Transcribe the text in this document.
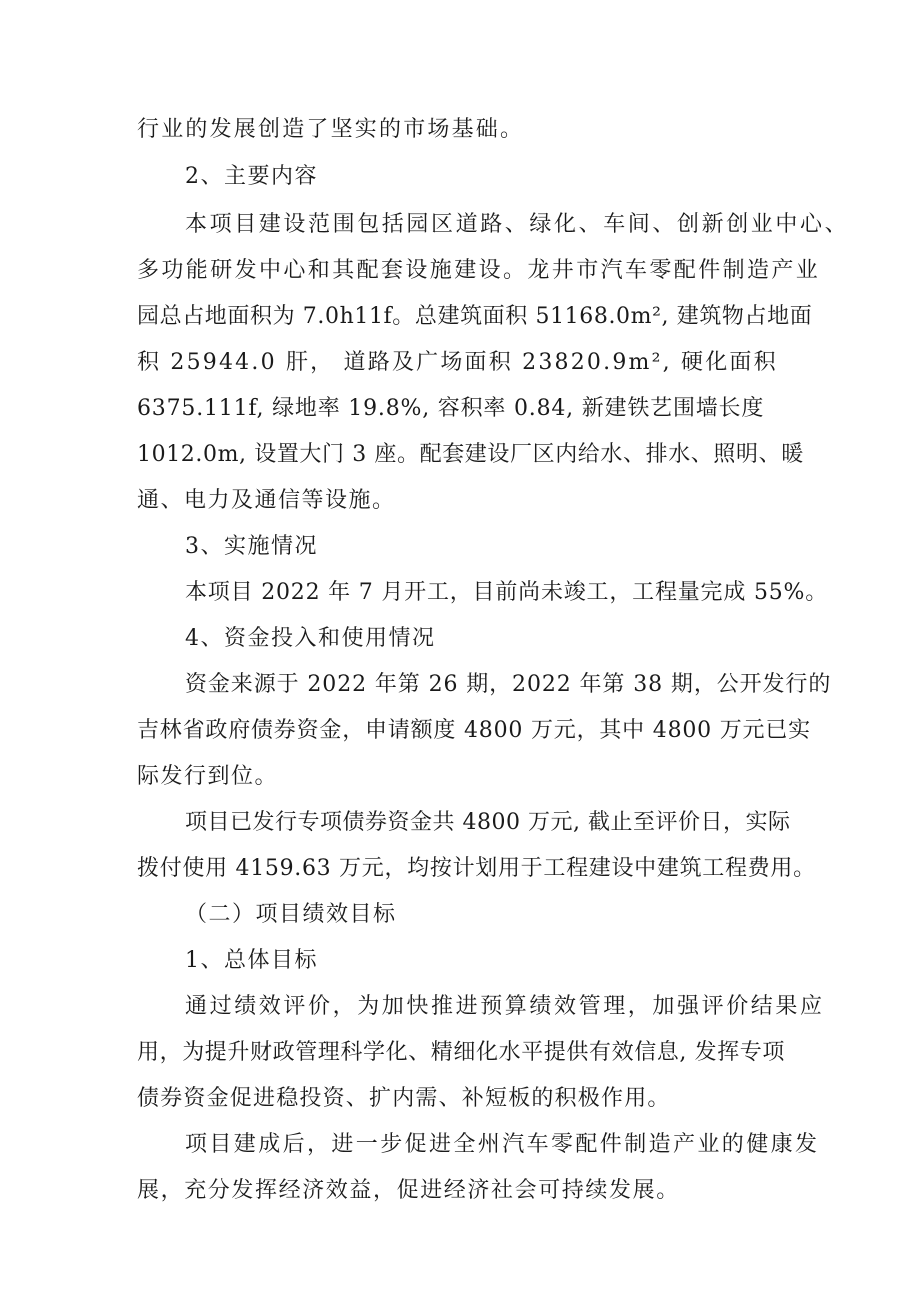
行业的发展创造了坚实的市场基础。
2、主要内容
本项目建设范围包括园区道路、绿化、车间、创新创业中心、
多功能研发中心和其配套设施建设。龙井市汽车零配件制造产业
园总占地面积为 7.0h11f。总建筑面积 51168.0m², 建筑物占地面
积 25944.0 肝， 道路及广场面积 23820.9m², 硬化面积
6375.111f, 绿地率 19.8%, 容积率 0.84, 新建铁艺围墙长度
1012.0m, 设置大门 3 座。配套建设厂区内给水、排水、照明、暖
通、电力及通信等设施。
3、实施情况
本项目 2022 年 7 月开工，目前尚未竣工，工程量完成 55%。
4、资金投入和使用情况
资金来源于 2022 年第 26 期，2022 年第 38 期，公开发行的
吉林省政府债券资金，申请额度 4800 万元，其中 4800 万元已实
际发行到位。
项目已发行专项债券资金共 4800 万元, 截止至评价日，实际
拨付使用 4159.63 万元，均按计划用于工程建设中建筑工程费用。
（二）项目绩效目标
1、总体目标
通过绩效评价，为加快推进预算绩效管理，加强评价结果应
用，为提升财政管理科学化、精细化水平提供有效信息, 发挥专项
债券资金促进稳投资、扩内需、补短板的积极作用。
项目建成后，进一步促进全州汽车零配件制造产业的健康发
展，充分发挥经济效益，促进经济社会可持续发展。
